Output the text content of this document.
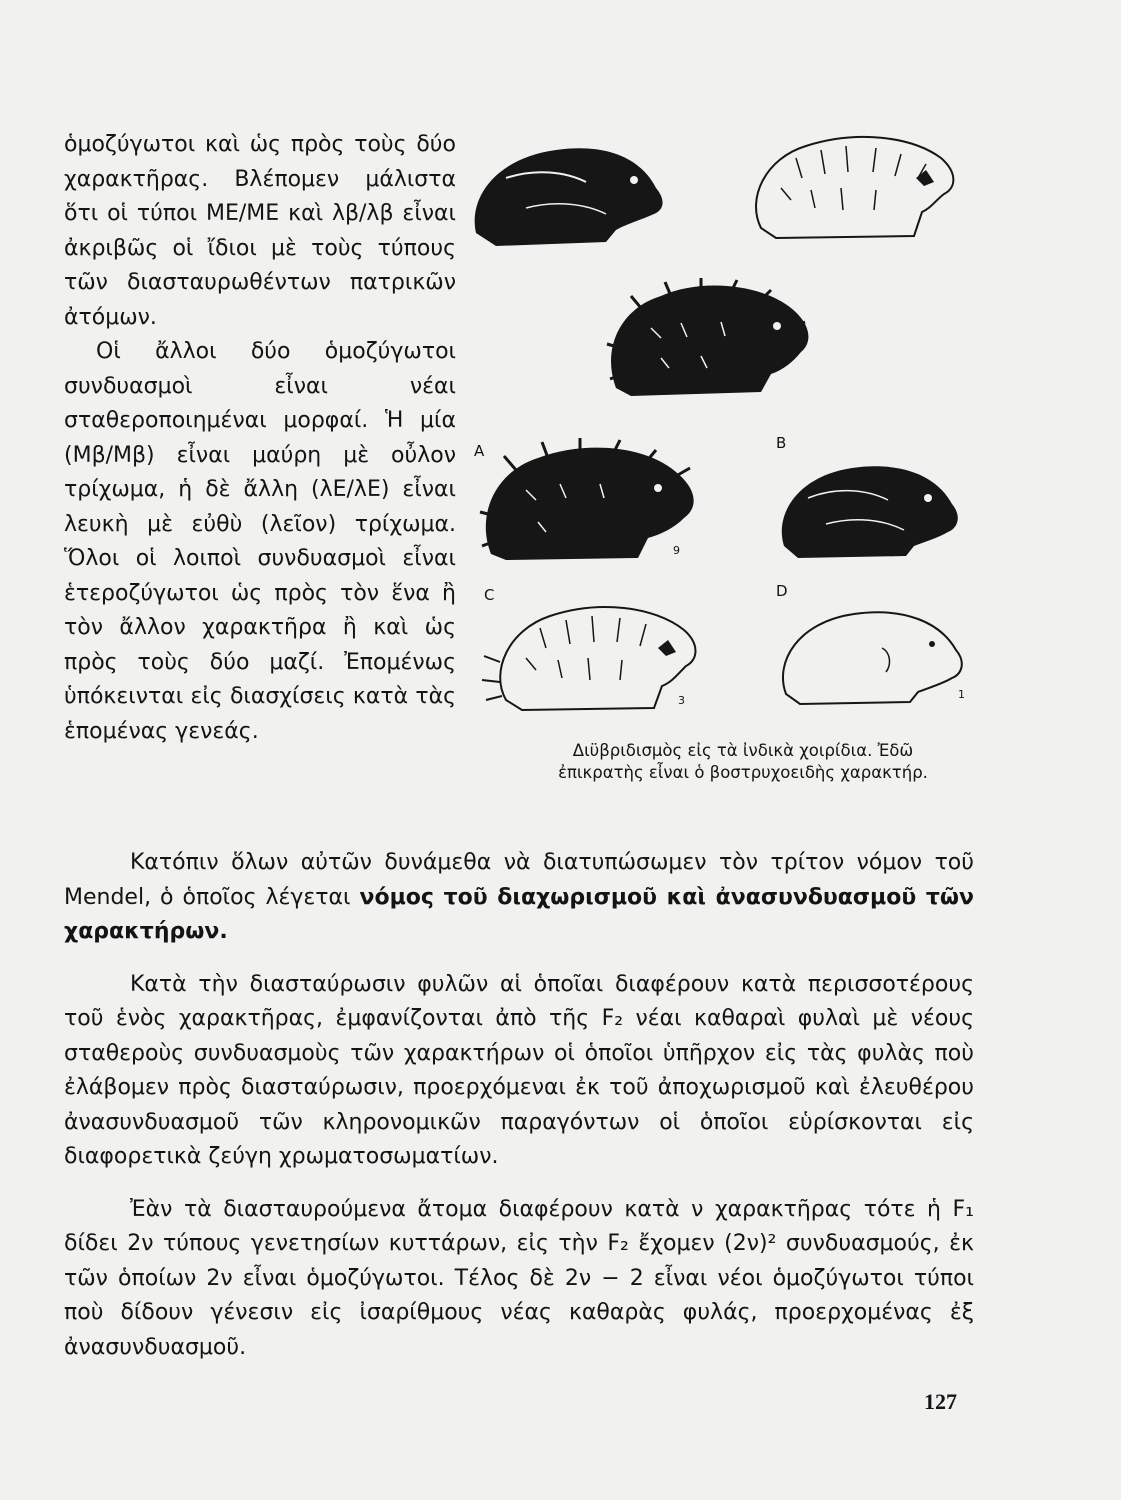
ὁμοζύγωτοι καὶ ὡς πρὸς τοὺς δύο χαρακτῆρας. Βλέπομεν μάλιστα ὅτι οἱ τύποι ΜΕ/ΜΕ καὶ λβ/λβ εἶναι ἀκριβῶς οἱ ἴδιοι μὲ τοὺς τύπους τῶν διασταυρωθέντων πατρικῶν ἀτόμων.

Οἱ ἄλλοι δύο ὁμοζύγωτοι συνδυασμοὶ εἶναι νέαι σταθεροποιημέναι μορφαί. Ἡ μία (Μβ/Μβ) εἶναι μαύρη μὲ οὖλον τρίχωμα, ἡ δὲ ἄλλη (λΕ/λΕ) εἶναι λευκὴ μὲ εὐθὺ (λεῖον) τρίχωμα. Ὅλοι οἱ λοιποὶ συνδυασμοὶ εἶναι ἑτεροζύγωτοι ὡς πρὸς τὸν ἕνα ἢ τὸν ἄλλον χαρακτῆρα ἢ καὶ ὡς πρὸς τοὺς δύο μαζί. Ἐπομένως ὑπόκεινται εἰς διασχίσεις κατὰ τὰς ἑπομένας γενεάς.

A	B
9
C	D
3	1
Διϋβριδισμὸς εἰς τὰ ἰνδικὰ χοιρίδια. Ἐδῶ
ἐπικρατὴς εἶναι ὁ βοστρυχοειδὴς χαρακτήρ.

Κατόπιν ὅλων αὐτῶν δυνάμεθα νὰ διατυπώσωμεν τὸν τρίτον νόμον τοῦ Mendel, ὁ ὁποῖος λέγεται νόμος τοῦ διαχωρισμοῦ καὶ ἀνασυνδυασμοῦ τῶν χαρακτήρων.

Κατὰ τὴν διασταύρωσιν φυλῶν αἱ ὁποῖαι διαφέρουν κατὰ περισσοτέρους τοῦ ἑνὸς χαρακτῆρας, ἐμφανίζονται ἀπὸ τῆς F₂ νέαι καθαραὶ φυλαὶ μὲ νέους σταθεροὺς συνδυασμοὺς τῶν χαρακτήρων οἱ ὁποῖοι ὑπῆρχον εἰς τὰς φυλὰς ποὺ ἐλάβομεν πρὸς διασταύρωσιν, προερχόμεναι ἐκ τοῦ ἀποχωρισμοῦ καὶ ἐλευθέρου ἀνασυνδυασμοῦ τῶν κληρονομικῶν παραγόντων οἱ ὁποῖοι εὑρίσκονται εἰς διαφορετικὰ ζεύγη χρωματοσωματίων.

Ἐὰν τὰ διασταυρούμενα ἄτομα διαφέρουν κατὰ ν χαρακτῆρας τότε ἡ F₁ δίδει 2ν τύπους γενετησίων κυττάρων, εἰς τὴν F₂ ἔχομεν (2ν)² συνδυασμούς, ἐκ τῶν ὁποίων 2ν εἶναι ὁμοζύγωτοι. Τέλος δὲ 2ν − 2 εἶναι νέοι ὁμοζύγωτοι τύποι ποὺ δίδουν γένεσιν εἰς ἰσαρίθμους νέας καθαρὰς φυλάς, προερχομένας ἐξ ἀνασυνδυασμοῦ.

127
